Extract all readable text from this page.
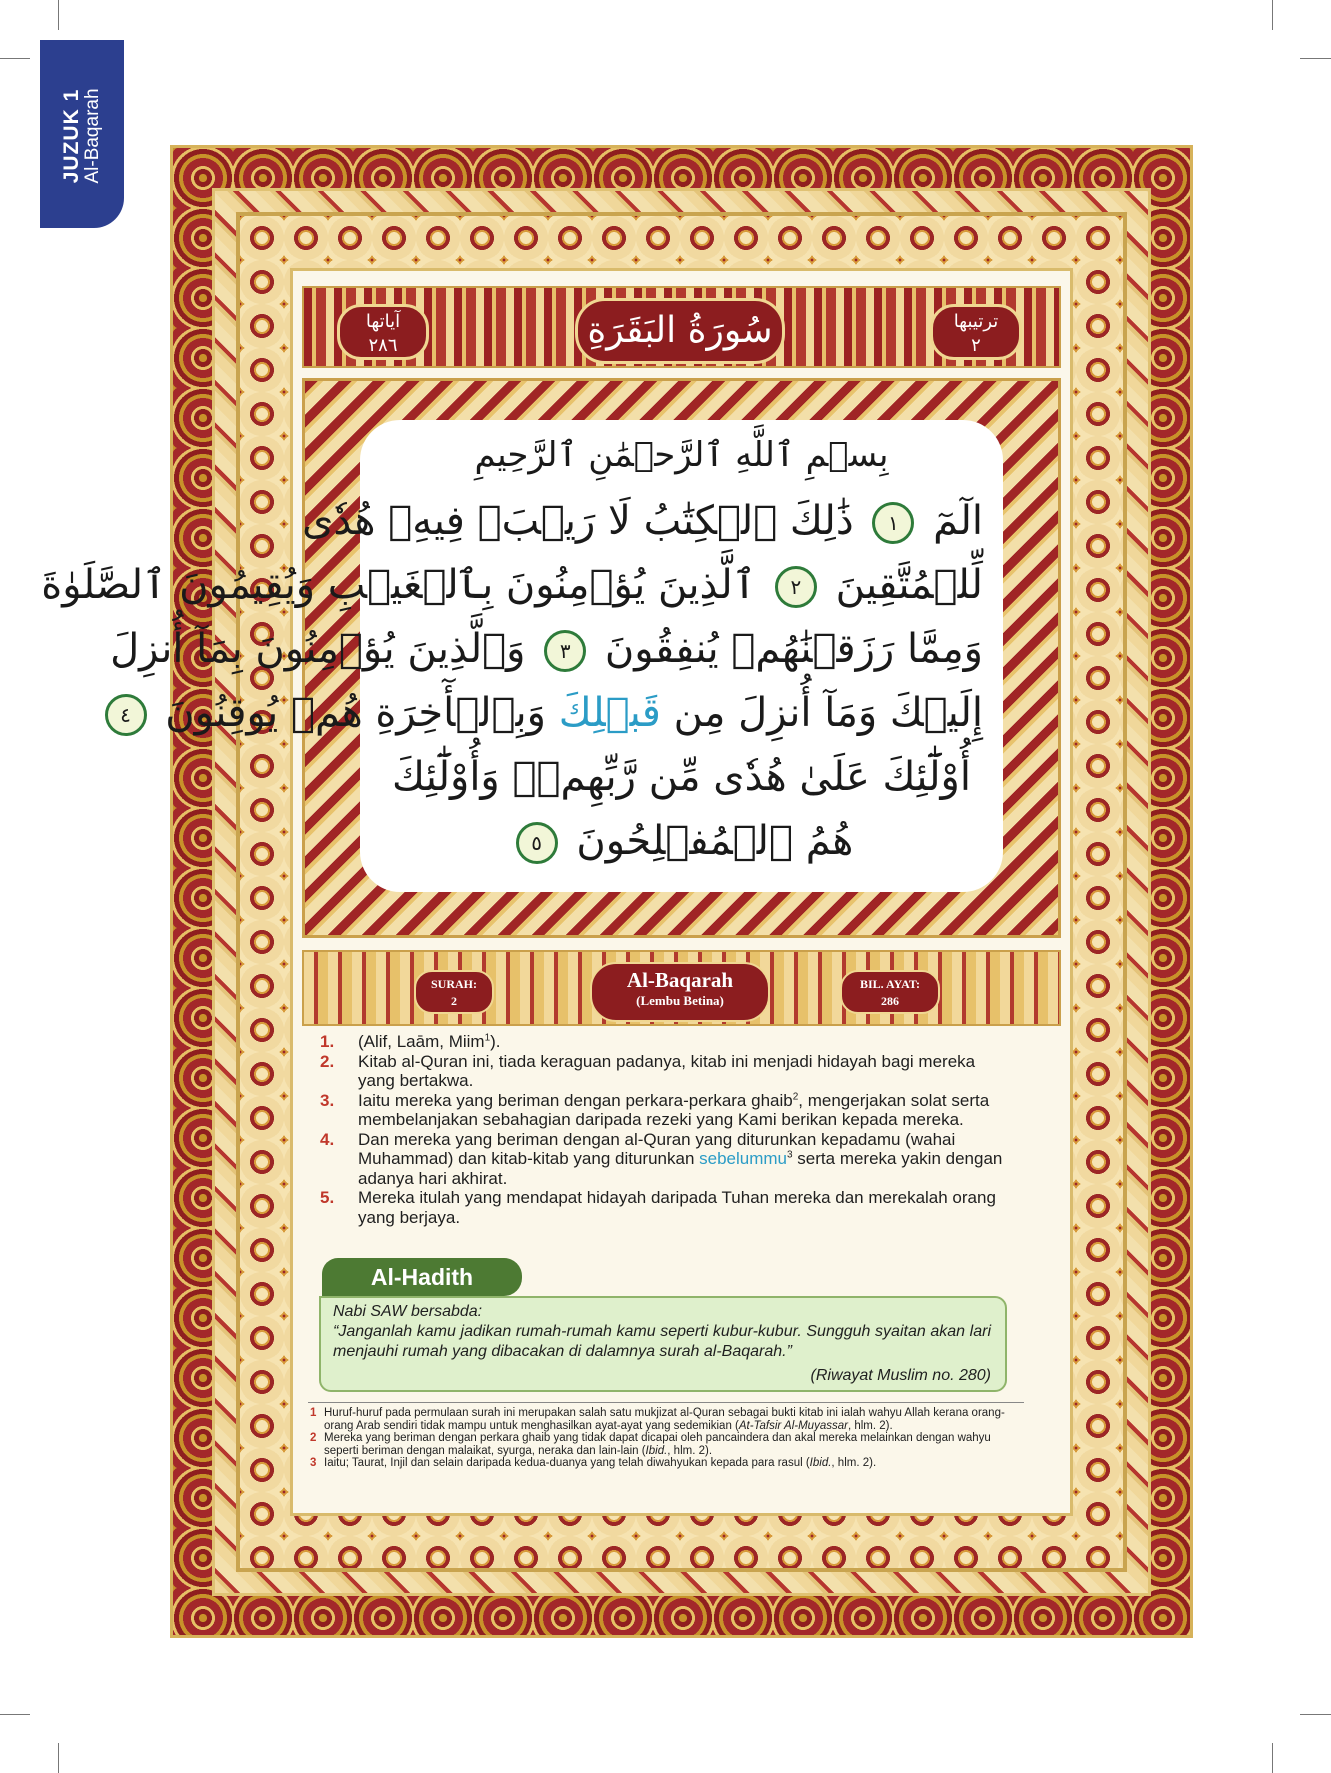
JUZUK 1 Al-Baqarah
آياتها
٢٨٦	سُورَةُ البَقَرَةِ	ترتيبها
٢
بِسۡمِ ٱللَّهِ ٱلرَّحۡمَٰنِ ٱلرَّحِيمِ
الٓمٓ ١ ذَٰلِكَ ٱلۡكِتَٰبُ لَا رَيۡبَۛ فِيهِۛ هُدٗى
لِّلۡمُتَّقِينَ ٢ ٱلَّذِينَ يُؤۡمِنُونَ بِٱلۡغَيۡبِ وَيُقِيمُونَ ٱلصَّلَوٰةَ
وَمِمَّا رَزَقۡنَٰهُمۡ يُنفِقُونَ ٣ وَٱلَّذِينَ يُؤۡمِنُونَ بِمَآ أُنزِلَ
إِلَيۡكَ وَمَآ أُنزِلَ مِن قَبۡلِكَ وَبِٱلۡأٓخِرَةِ هُمۡ يُوقِنُونَ ٤
أُوْلَٰٓئِكَ عَلَىٰ هُدٗى مِّن رَّبِّهِمۡۖ وَأُوْلَٰٓئِكَ
هُمُ ٱلۡمُفۡلِحُونَ ٥
SURAH:
2
Al-Baqarah
(Lembu Betina)
BIL. AYAT:
286
1. (Alif, Laām, Miim$^1$).
2. Kitab al-Quran ini, tiada keraguan padanya, kitab ini menjadi hidayah bagi mereka yang bertakwa.
3. Iaitu mereka yang beriman dengan perkara-perkara ghaib$^2$, mengerjakan solat serta membelanjakan sebahagian daripada rezeki yang Kami berikan kepada mereka.
4. Dan mereka yang beriman dengan al-Quran yang diturunkan kepadamu (wahai Muhammad) dan kitab-kitab yang diturunkan sebelummu$^3$ serta mereka yakin dengan adanya hari akhirat.
5. Mereka itulah yang mendapat hidayah daripada Tuhan mereka dan merekalah orang yang berjaya.
Al-Hadith
Nabi SAW bersabda:
“Janganlah kamu jadikan rumah-rumah kamu seperti kubur-kubur. Sungguh syaitan akan lari menjauhi rumah yang dibacakan di dalamnya surah al-Baqarah.”
(Riwayat Muslim no. 280)
1 Huruf-huruf pada permulaan surah ini merupakan salah satu mukjizat al-Quran sebagai bukti kitab ini ialah wahyu Allah kerana orang-orang Arab sendiri tidak mampu untuk menghasilkan ayat-ayat yang sedemikian (At-Tafsir Al-Muyassar, hlm. 2).
2 Mereka yang beriman dengan perkara ghaib yang tidak dapat dicapai oleh pancaindera dan akal mereka melainkan dengan wahyu seperti beriman dengan malaikat, syurga, neraka dan lain-lain (Ibid., hlm. 2).
3 Iaitu; Taurat, Injil dan selain daripada kedua-duanya yang telah diwahyukan kepada para rasul (Ibid., hlm. 2).
